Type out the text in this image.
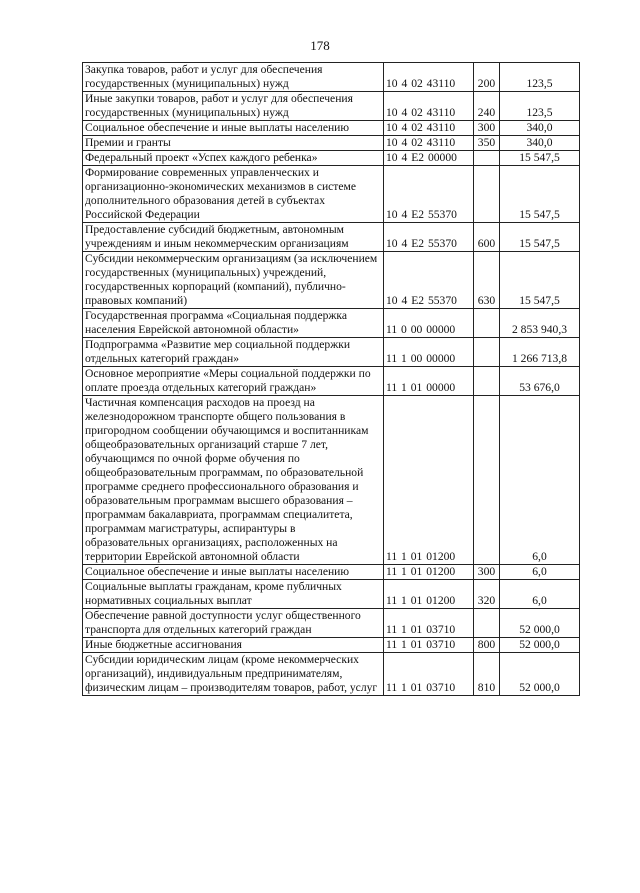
178
Закупка товаров, работ и услуг для обеспечения государственных (муниципальных) нужд	10 4 02 43110	200	123,5
Иные закупки товаров, работ и услуг для обеспечения государственных (муниципальных) нужд	10 4 02 43110	240	123,5
Социальное обеспечение и иные выплаты населению	10 4 02 43110	300	340,0
Премии и гранты	10 4 02 43110	350	340,0
Федеральный проект «Успех каждого ребенка»	10 4 Е2 00000		15 547,5
Формирование современных управленческих и организационно-экономических механизмов в системе дополнительного образования детей в субъектах Российской Федерации	10 4 Е2 55370		15 547,5
Предоставление субсидий бюджетным, автономным учреждениям и иным некоммерческим организациям	10 4 Е2 55370	600	15 547,5
Субсидии некоммерческим организациям (за исключением государственных (муниципальных) учреждений, государственных корпораций (компаний), публично-правовых компаний)	10 4 Е2 55370	630	15 547,5
Государственная программа «Социальная поддержка населения Еврейской автономной области»	11 0 00 00000		2 853 940,3
Подпрограмма «Развитие мер социальной поддержки отдельных категорий граждан»	11 1 00 00000		1 266 713,8
Основное мероприятие «Меры социальной поддержки по оплате проезда отдельных категорий граждан»	11 1 01 00000		53 676,0
Частичная компенсация расходов на проезд на железнодорожном транспорте общего пользования в пригородном сообщении обучающимся и воспитанникам общеобразовательных организаций старше 7 лет, обучающимся по очной форме обучения по общеобразовательным программам, по образовательной программе среднего профессионального образования и образовательным программам высшего образования – программам бакалавриата, программам специалитета, программам магистратуры, аспирантуры в образовательных организациях, расположенных на территории Еврейской автономной области	11 1 01 01200		6,0
Социальное обеспечение и иные выплаты населению	11 1 01 01200	300	6,0
Социальные выплаты гражданам, кроме публичных нормативных социальных выплат	11 1 01 01200	320	6,0
Обеспечение равной доступности услуг общественного транспорта для отдельных категорий граждан	11 1 01 03710		52 000,0
Иные бюджетные ассигнования	11 1 01 03710	800	52 000,0
Субсидии юридическим лицам (кроме некоммерческих организаций), индивидуальным предпринимателям, физическим лицам – производителям товаров, работ, услуг	11 1 01 03710	810	52 000,0
